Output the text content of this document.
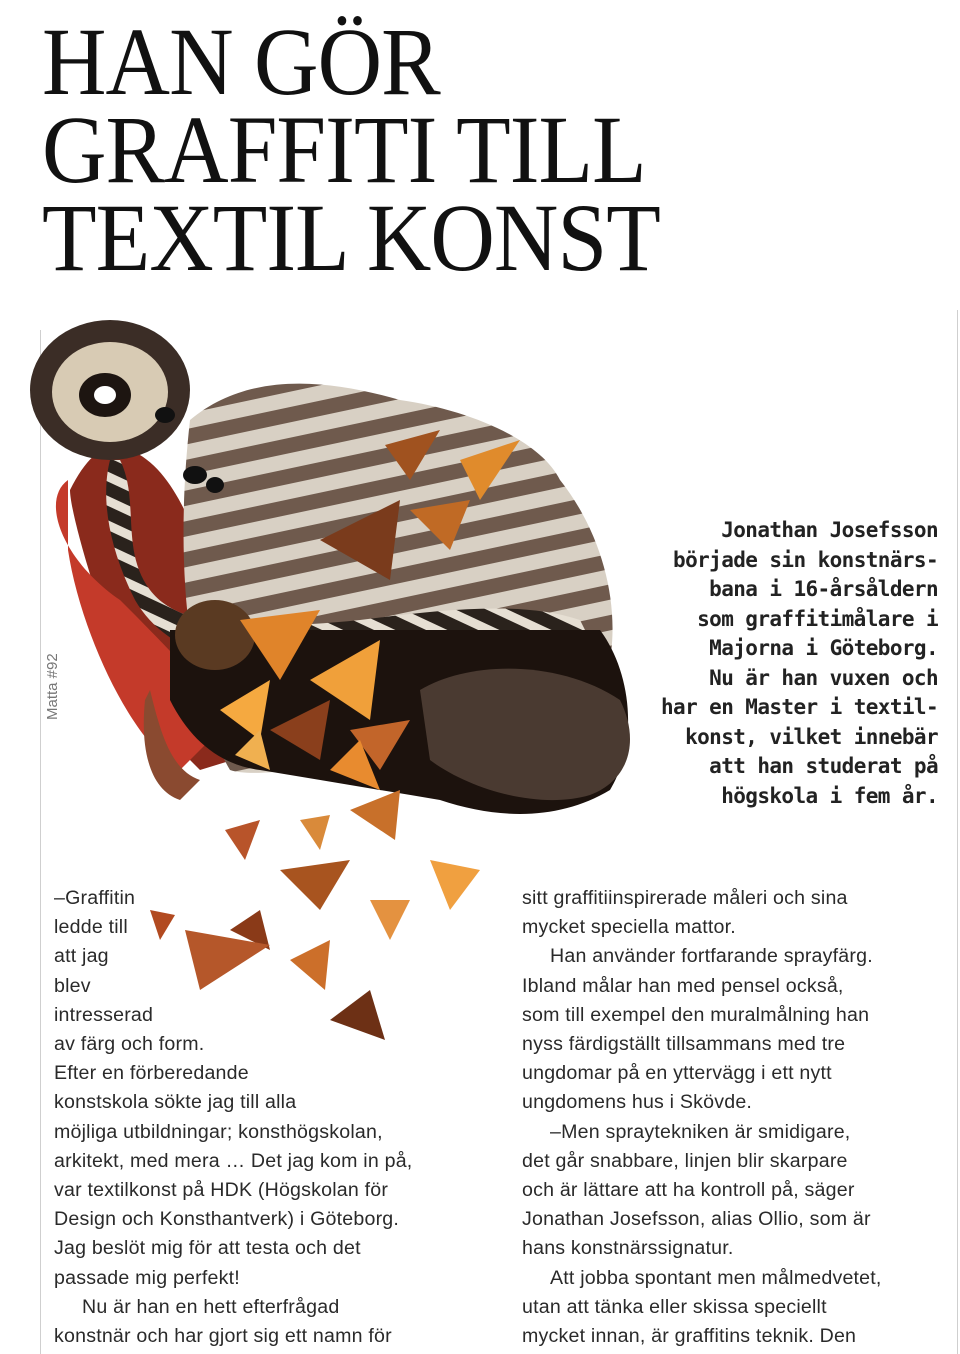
HAN GÖR
GRAFFITI TILL
TEXTIL KONST
Matta #92
Jonathan Josefsson
började sin konstnärs-
bana i 16-årsåldern
som graffitimålare i
Majorna i Göteborg.
Nu är han vuxen och
har en Master i textil-
konst, vilket innebär
att han studerat på
högskola i fem år.
–Graffitin
ledde till
att jag
blev
intresserad
av färg och form.
Efter en förberedande
konstskola sökte jag till alla
möjliga utbildningar; konsthögskolan,
arkitekt, med mera … Det jag kom in på,
var textilkonst på HDK (Högskolan för
Design och Konsthantverk) i Göteborg.
Jag beslöt mig för att testa och det
passade mig perfekt!
Nu är han en hett efterfrågad
konstnär och har gjort sig ett namn för
sitt graffitiinspirerade måleri och sina
mycket speciella mattor.
Han använder fortfarande sprayfärg.
Ibland målar han med pensel också,
som till exempel den muralmålning han
nyss färdigställt tillsammans med tre
ungdomar på en yttervägg i ett nytt
ungdomens hus i Skövde.
–Men spraytekniken är smidigare,
det går snabbare, linjen blir skarpare
och är lättare att ha kontroll på, säger
Jonathan Josefsson, alias Ollio, som är
hans konstnärssignatur.
Att jobba spontant men målmedvetet,
utan att tänka eller skissa speciellt
mycket innan, är graffitins teknik. Den
